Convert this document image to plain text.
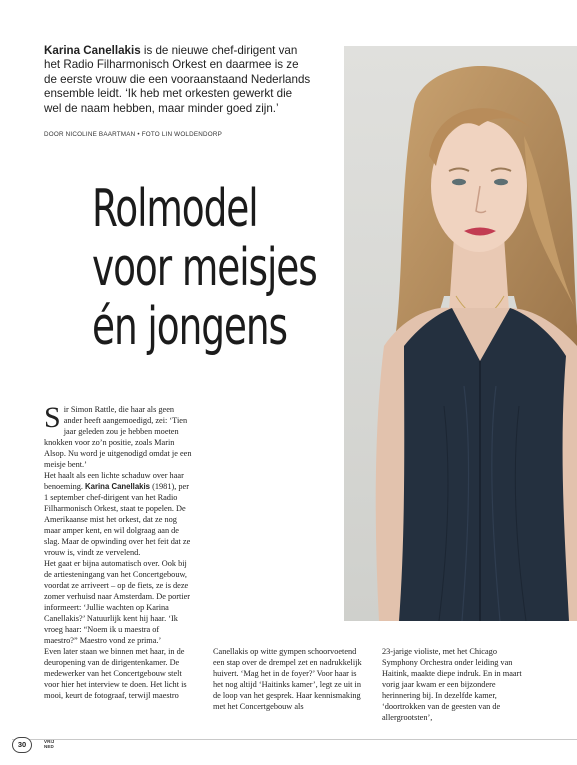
Karina Canellakis is de nieuwe chef-dirigent van het Radio Filharmonisch Orkest en daarmee is ze de eerste vrouw die een vooraanstaand Nederlands ensemble leidt. ‘Ik heb met orkesten gewerkt die wel de naam hebben, maar minder goed zijn.’
DOOR NICOLINE BAARTMAN • FOTO LIN WOLDENDORP
Rolmodel
voor meisjes
én jongens

Sir Simon Rattle, die haar als geen ander heeft aangemoedigd, zei: ‘Tien jaar geleden zou je hebben moeten knokken voor zo’n positie, zoals Marin Alsop. Nu word je uitgenodigd omdat je een meisje bent.’

Het haalt als een lichte schaduw over haar benoeming. Karina Canellakis (1981), per 1 september chef-dirigent van het Radio Filharmonisch Orkest, staat te popelen. De Amerikaanse mist het orkest, dat ze nog maar amper kent, en wil dolgraag aan de slag. Maar de opwinding over het feit dat ze vrouw is, vindt ze vervelend.

Het gaat er bijna automatisch over. Ook bij de artiesteningang van het Concertgebouw, voordat ze arriveert – op de fiets, ze is deze zomer verhuisd naar Amsterdam. De portier informeert: ‘Jullie wachten op Karina Canellakis?’ Natuurlijk kent hij haar. ‘Ik vroeg haar: “Noem ik u maestra of maestro?” Maestro vond ze prima.’

Even later staan we binnen met haar, in de deuropening van de dirigentenkamer. De medewerker van het Concertgebouw stelt voor hier het interview te doen. Het licht is mooi, keurt de fotograaf, terwijl maestro

Canellakis op witte gympen schoorvoetend een stap over de drempel zet en nadrukkelijk huivert. ‘Mag het in de foyer?’ Voor haar is het nog altijd ‘Haitinks kamer’, legt ze uit in de loop van het gesprek. Haar kennismaking met het Concertgebouw als

23-jarige violiste, met het Chicago Symphony Orchestra onder leiding van Haitink, maakte diepe indruk. En in maart vorig jaar kwam er een bijzondere herinnering bij. In dezelfde kamer, ‘doortrokken van de geesten van de allergrootsten’,

30	VRIJ
NED
